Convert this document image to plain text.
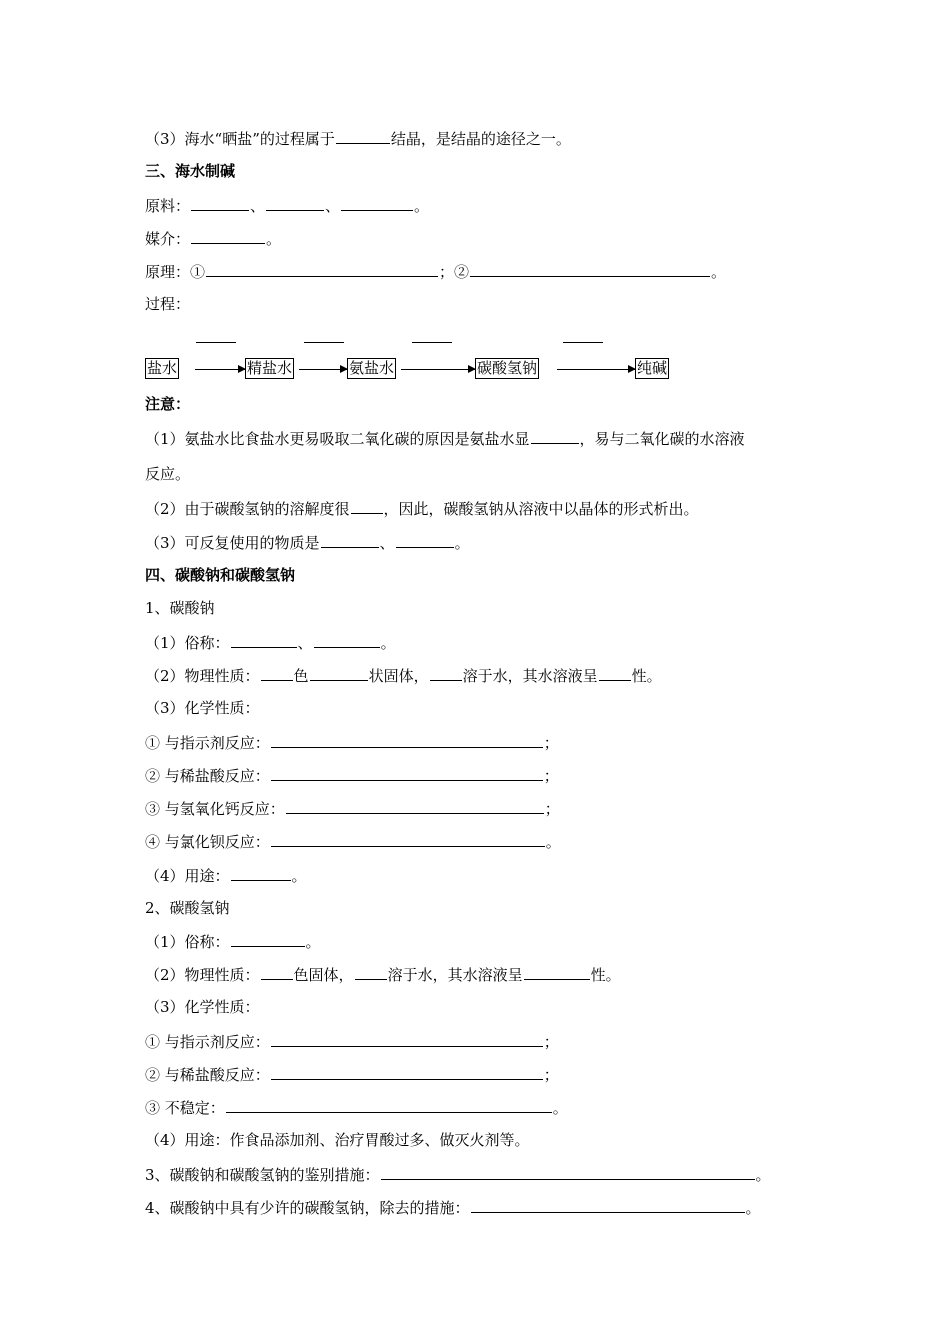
（3）海水“晒盐”的过程属于	结晶，是结晶的途径之一。
三、海水制碱
原料：	、	、	。
媒介：	。
原理：①	；②	。
过程：
盐水	精盐水	氨盐水	碳酸氢钠	纯碱
注意：
（1）氨盐水比食盐水更易吸取二氧化碳的原因是氨盐水显	，易与二氧化碳的水溶液
反应。
（2）由于碳酸氢钠的溶解度很 ，因此，碳酸氢钠从溶液中以晶体的形式析出。
（3）可反复使用的物质是	、	。
四、碳酸钠和碳酸氢钠
1、碳酸钠
（1）俗称：	、	。
（2）物理性质： 色	状固体， 溶于水，其水溶液呈 性。
（3）化学性质：
① 与指示剂反应：	；
② 与稀盐酸反应：	；
③ 与氢氧化钙反应：	；
④ 与氯化钡反应：	。
（4）用途：	。
2、碳酸氢钠
（1）俗称：	。
（2）物理性质： 色固体， 溶于水，其水溶液呈	性。
（3）化学性质：
① 与指示剂反应：	；
② 与稀盐酸反应：	；
③ 不稳定：	。
（4）用途：作食品添加剂、治疗胃酸过多、做灭火剂等。
3、碳酸钠和碳酸氢钠的鉴别措施：	。
4、碳酸钠中具有少许的碳酸氢钠，除去的措施：	。
